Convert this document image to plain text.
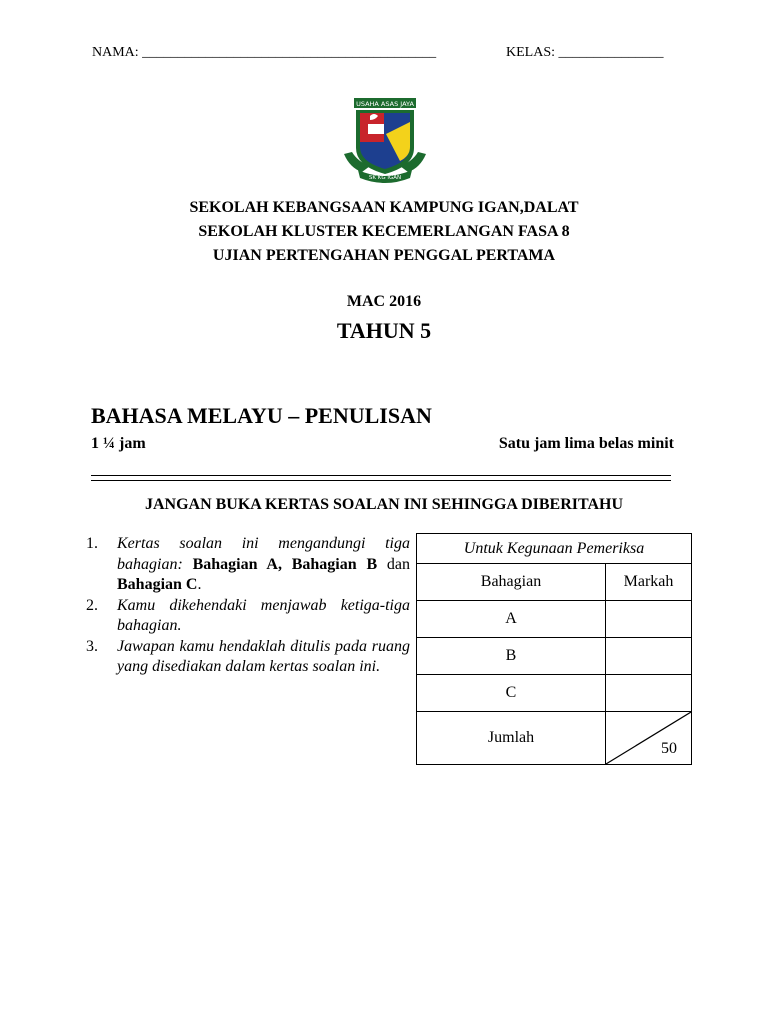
NAMA: __________________________________________	KELAS: _______________
USAHA ASAS JAYA
SK KG IGAN
SEKOLAH KEBANGSAAN KAMPUNG IGAN,DALAT
SEKOLAH KLUSTER KECEMERLANGAN FASA 8
UJIAN PERTENGAHAN PENGGAL PERTAMA
MAC 2016
TAHUN 5
BAHASA MELAYU – PENULISAN
1 ¼ jam	Satu jam lima belas minit
JANGAN BUKA KERTAS SOALAN INI SEHINGGA DIBERITAHU
1.	Kertas soalan ini mengandungi tiga bahagian: Bahagian A, Bahagian B dan Bahagian C.
2.	Kamu dikehendaki menjawab ketiga-tiga bahagian.
3.	Jawapan kamu hendaklah ditulis pada ruang yang disediakan dalam kertas soalan ini.
Untuk Kegunaan Pemeriksa	
Bahagian	Markah
A	
B	
C	
Jumlah	50
